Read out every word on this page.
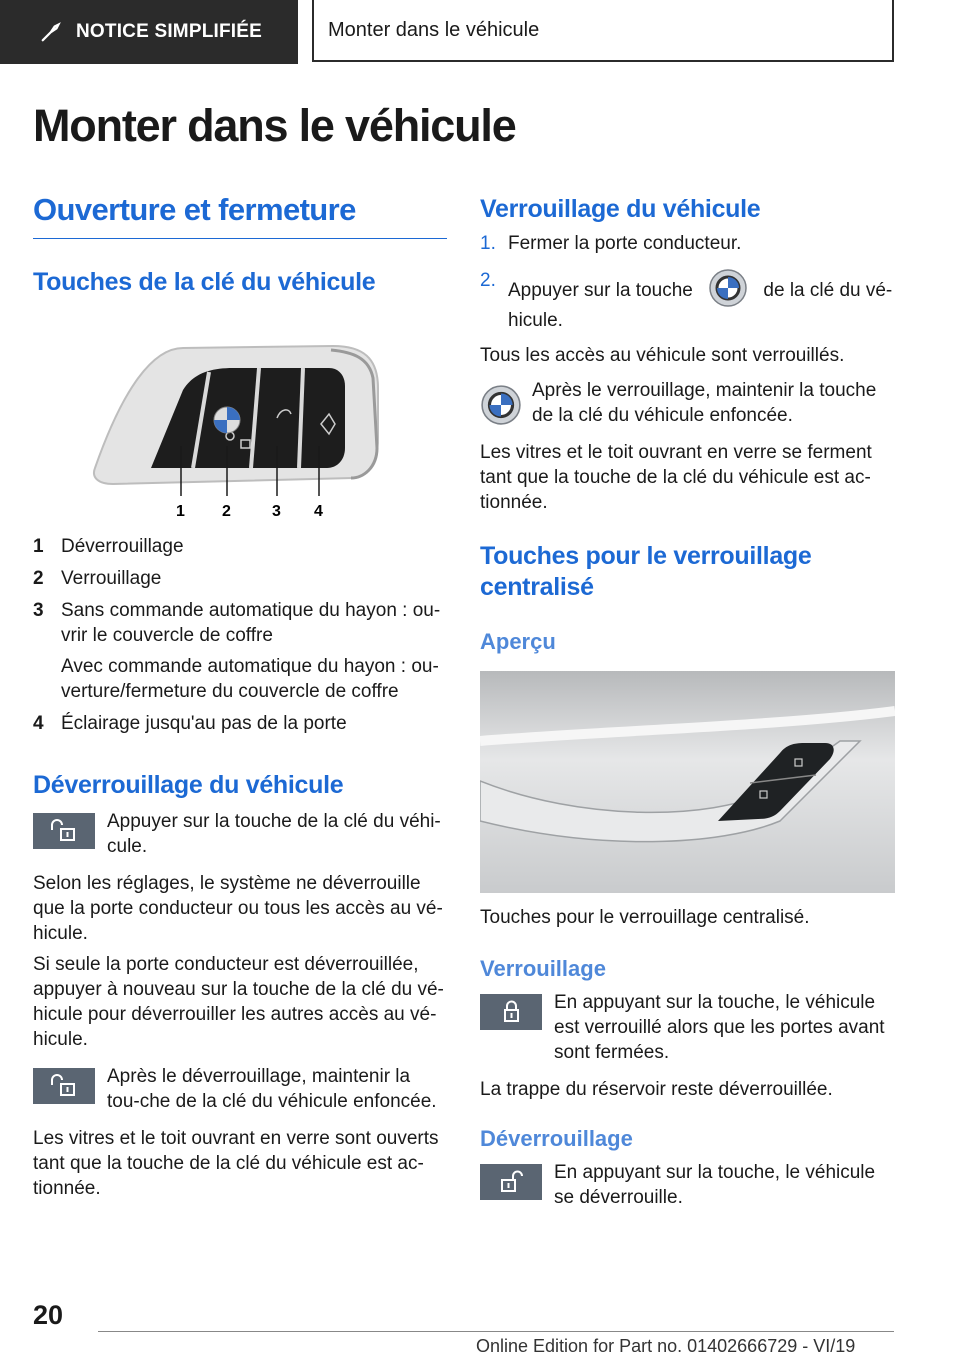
NOTICE SIMPLIFIÉE	Monter dans le véhicule
Monter dans le véhicule
Ouverture et fermeture
Touches de la clé du véhicule
1 2	3 4
1 Déverrouillage
2 Verrouillage
3 Sans commande automatique du hayon : ou-vrir le couvercle de coffre

Avec commande automatique du hayon : ou-verture/fermeture du couvercle de coffre
4 Éclairage jusqu'au pas de la porte
Déverrouillage du véhicule

Appuyer sur la touche de la clé du véhi-cule.

Selon les réglages, le système ne déverrouille que la porte conducteur ou tous les accès au vé-hicule.

Si seule la porte conducteur est déverrouillée, appuyer à nouveau sur la touche de la clé du vé-hicule pour déverrouiller les autres accès au vé-hicule.

Après le déverrouillage, maintenir la tou-che de la clé du véhicule enfoncée.

Les vitres et le toit ouvrant en verre sont ouverts tant que la touche de la clé du véhicule est ac-tionnée.

Verrouillage du véhicule
1. Fermer la porte conducteur.
2. Appuyer sur la touche	de la clé du vé-hicule.

Tous les accès au véhicule sont verrouillés.

Après le verrouillage, maintenir la touche de la clé du véhicule enfoncée.

Les vitres et le toit ouvrant en verre se ferment tant que la touche de la clé du véhicule est ac-tionnée.

Touches pour le verrouillage centralisé
Aperçu

Touches pour le verrouillage centralisé.

Verrouillage

En appuyant sur la touche, le véhicule est verrouillé alors que les portes avant sont fermées.

La trappe du réservoir reste déverrouillée.

Déverrouillage

En appuyant sur la touche, le véhicule se déverrouille.

20
Online Edition for Part no. 01402666729 - VI/19
